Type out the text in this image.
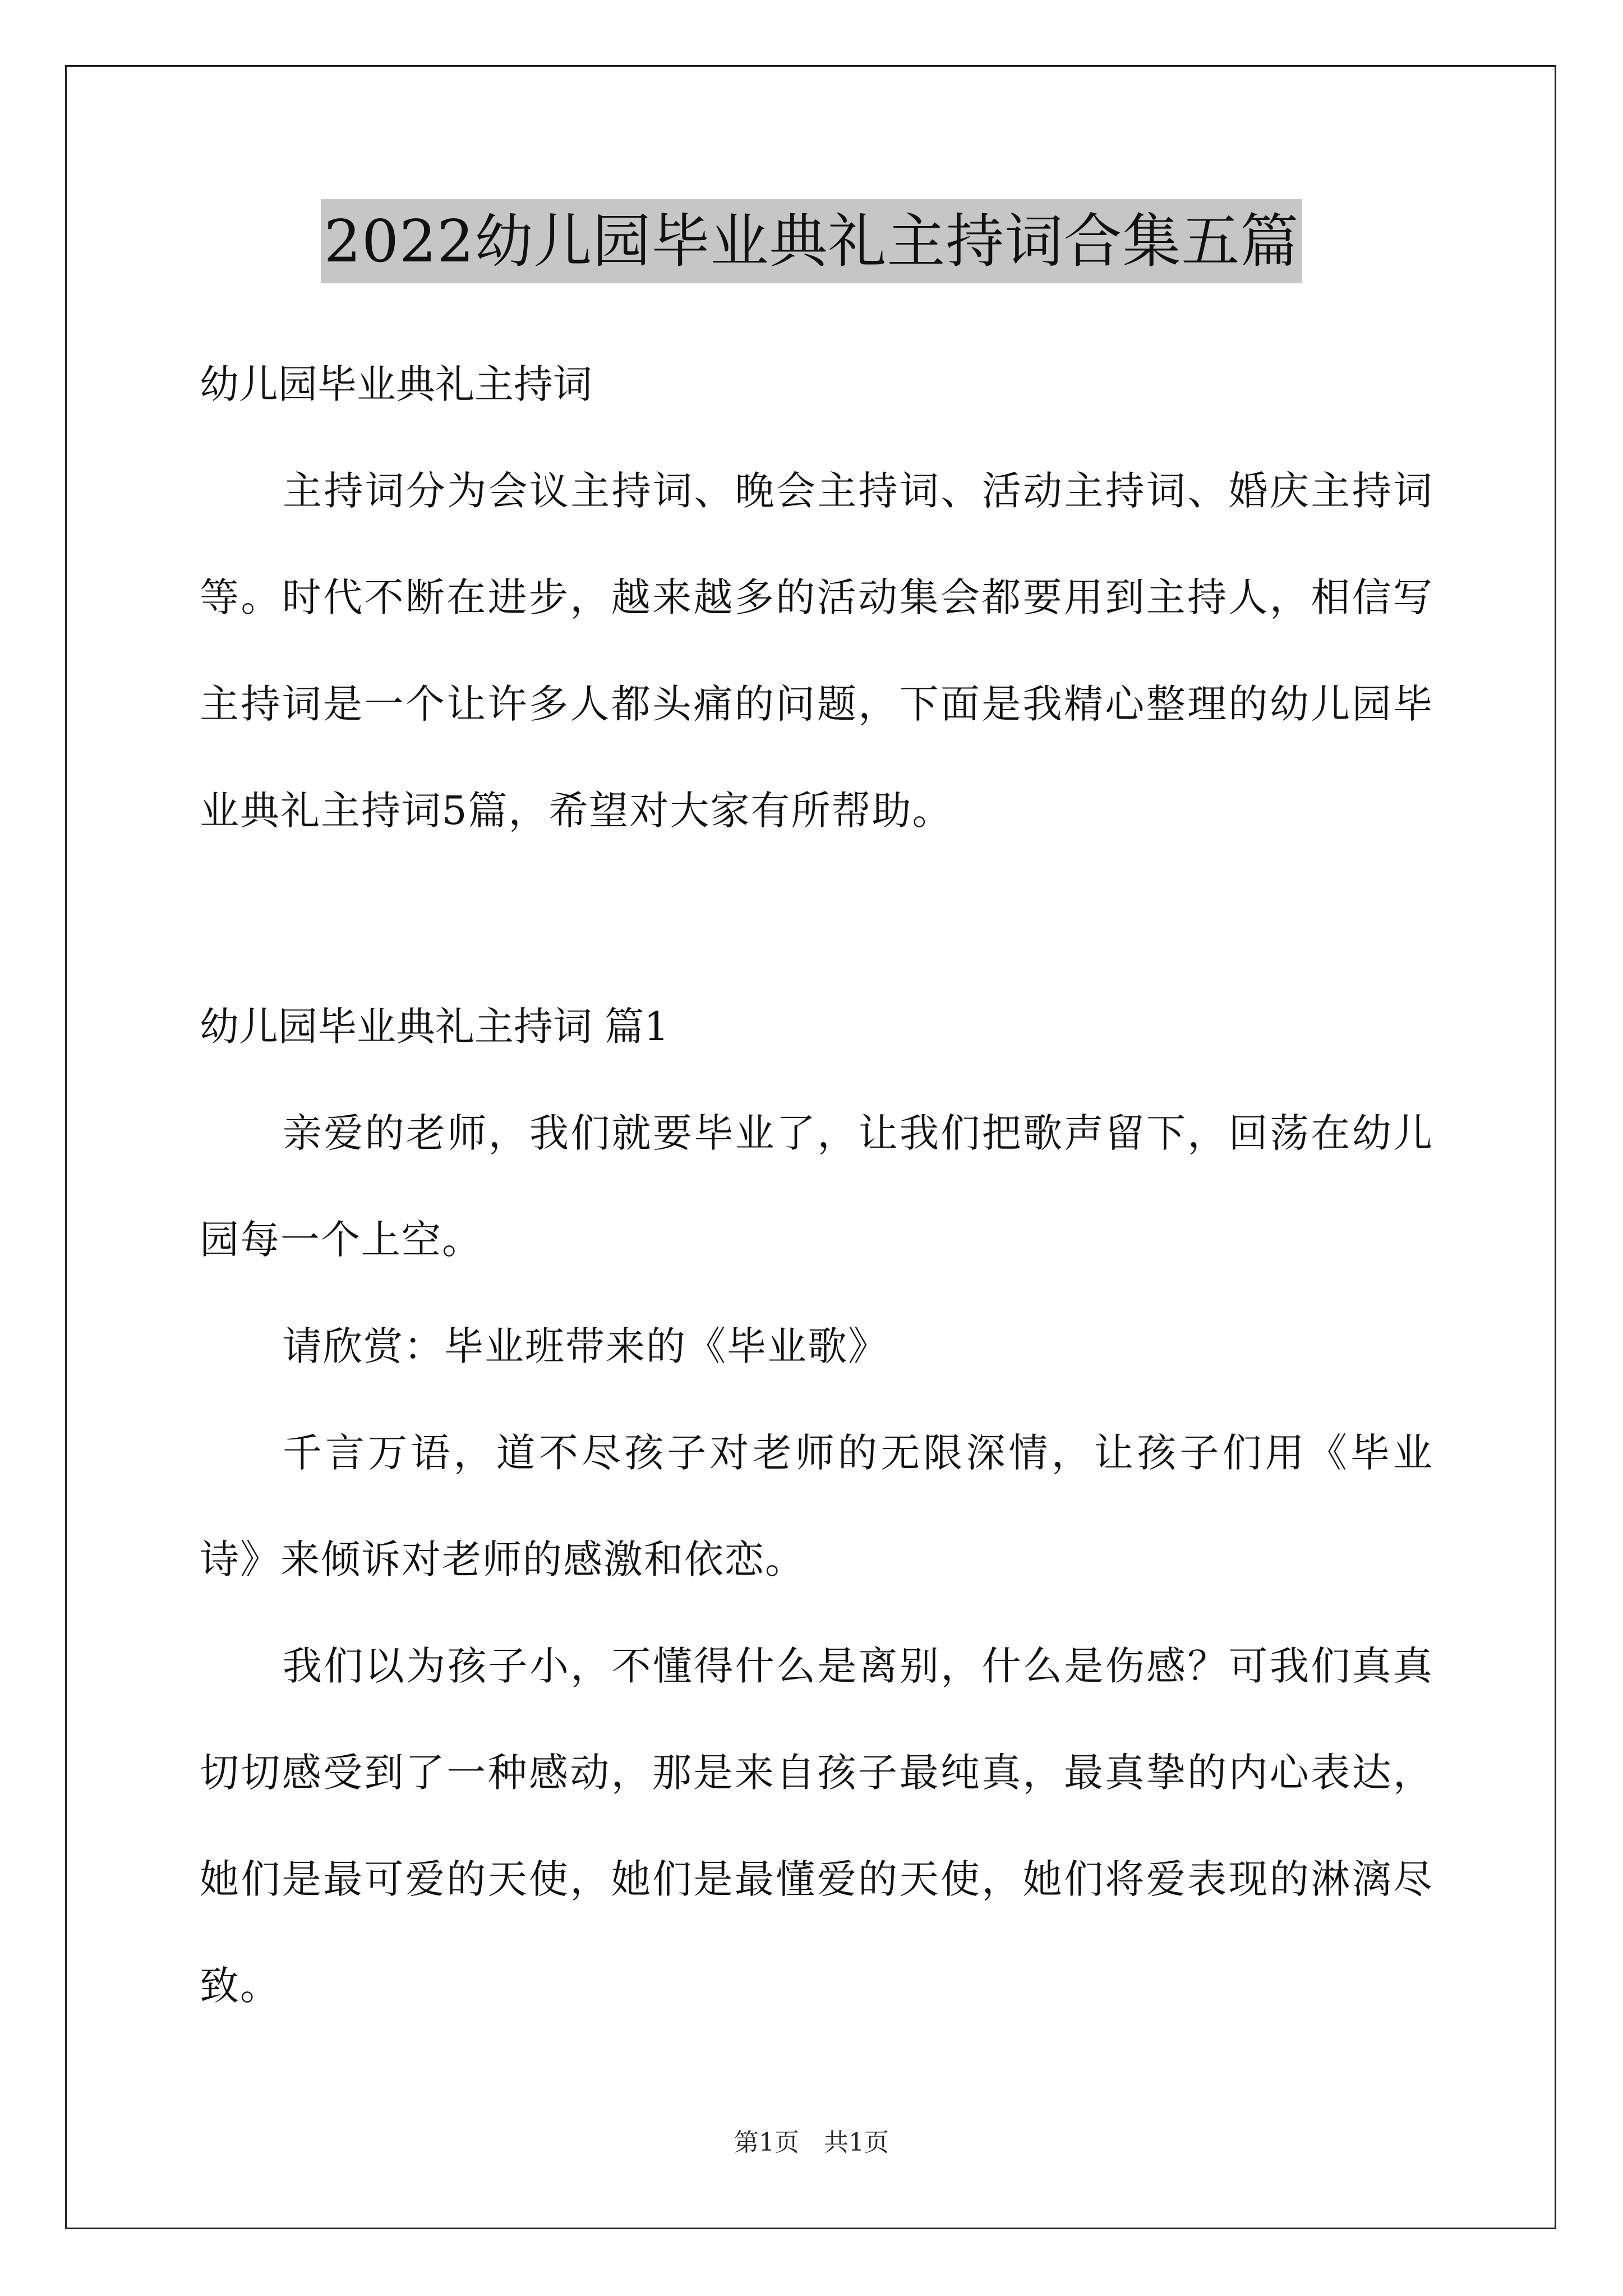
2022幼儿园毕业典礼主持词合集五篇

幼儿园毕业典礼主持词

主持词分为会议主持词、晚会主持词、活动主持词、婚庆主持词等。时代不断在进步，越来越多的活动集会都要用到主持人，相信写主持词是一个让许多人都头痛的问题，下面是我精心整理的幼儿园毕业典礼主持词5篇，希望对大家有所帮助。

幼儿园毕业典礼主持词 篇1

亲爱的老师，我们就要毕业了，让我们把歌声留下，回荡在幼儿园每一个上空。

请欣赏：毕业班带来的《毕业歌》

千言万语，道不尽孩子对老师的无限深情，让孩子们用《毕业诗》来倾诉对老师的感激和依恋。

我们以为孩子小，不懂得什么是离别，什么是伤感？可我们真真切切感受到了一种感动，那是来自孩子最纯真，最真挚的内心表达，她们是最可爱的天使，她们是最懂爱的天使，她们将爱表现的淋漓尽致。

第1页 共1页
